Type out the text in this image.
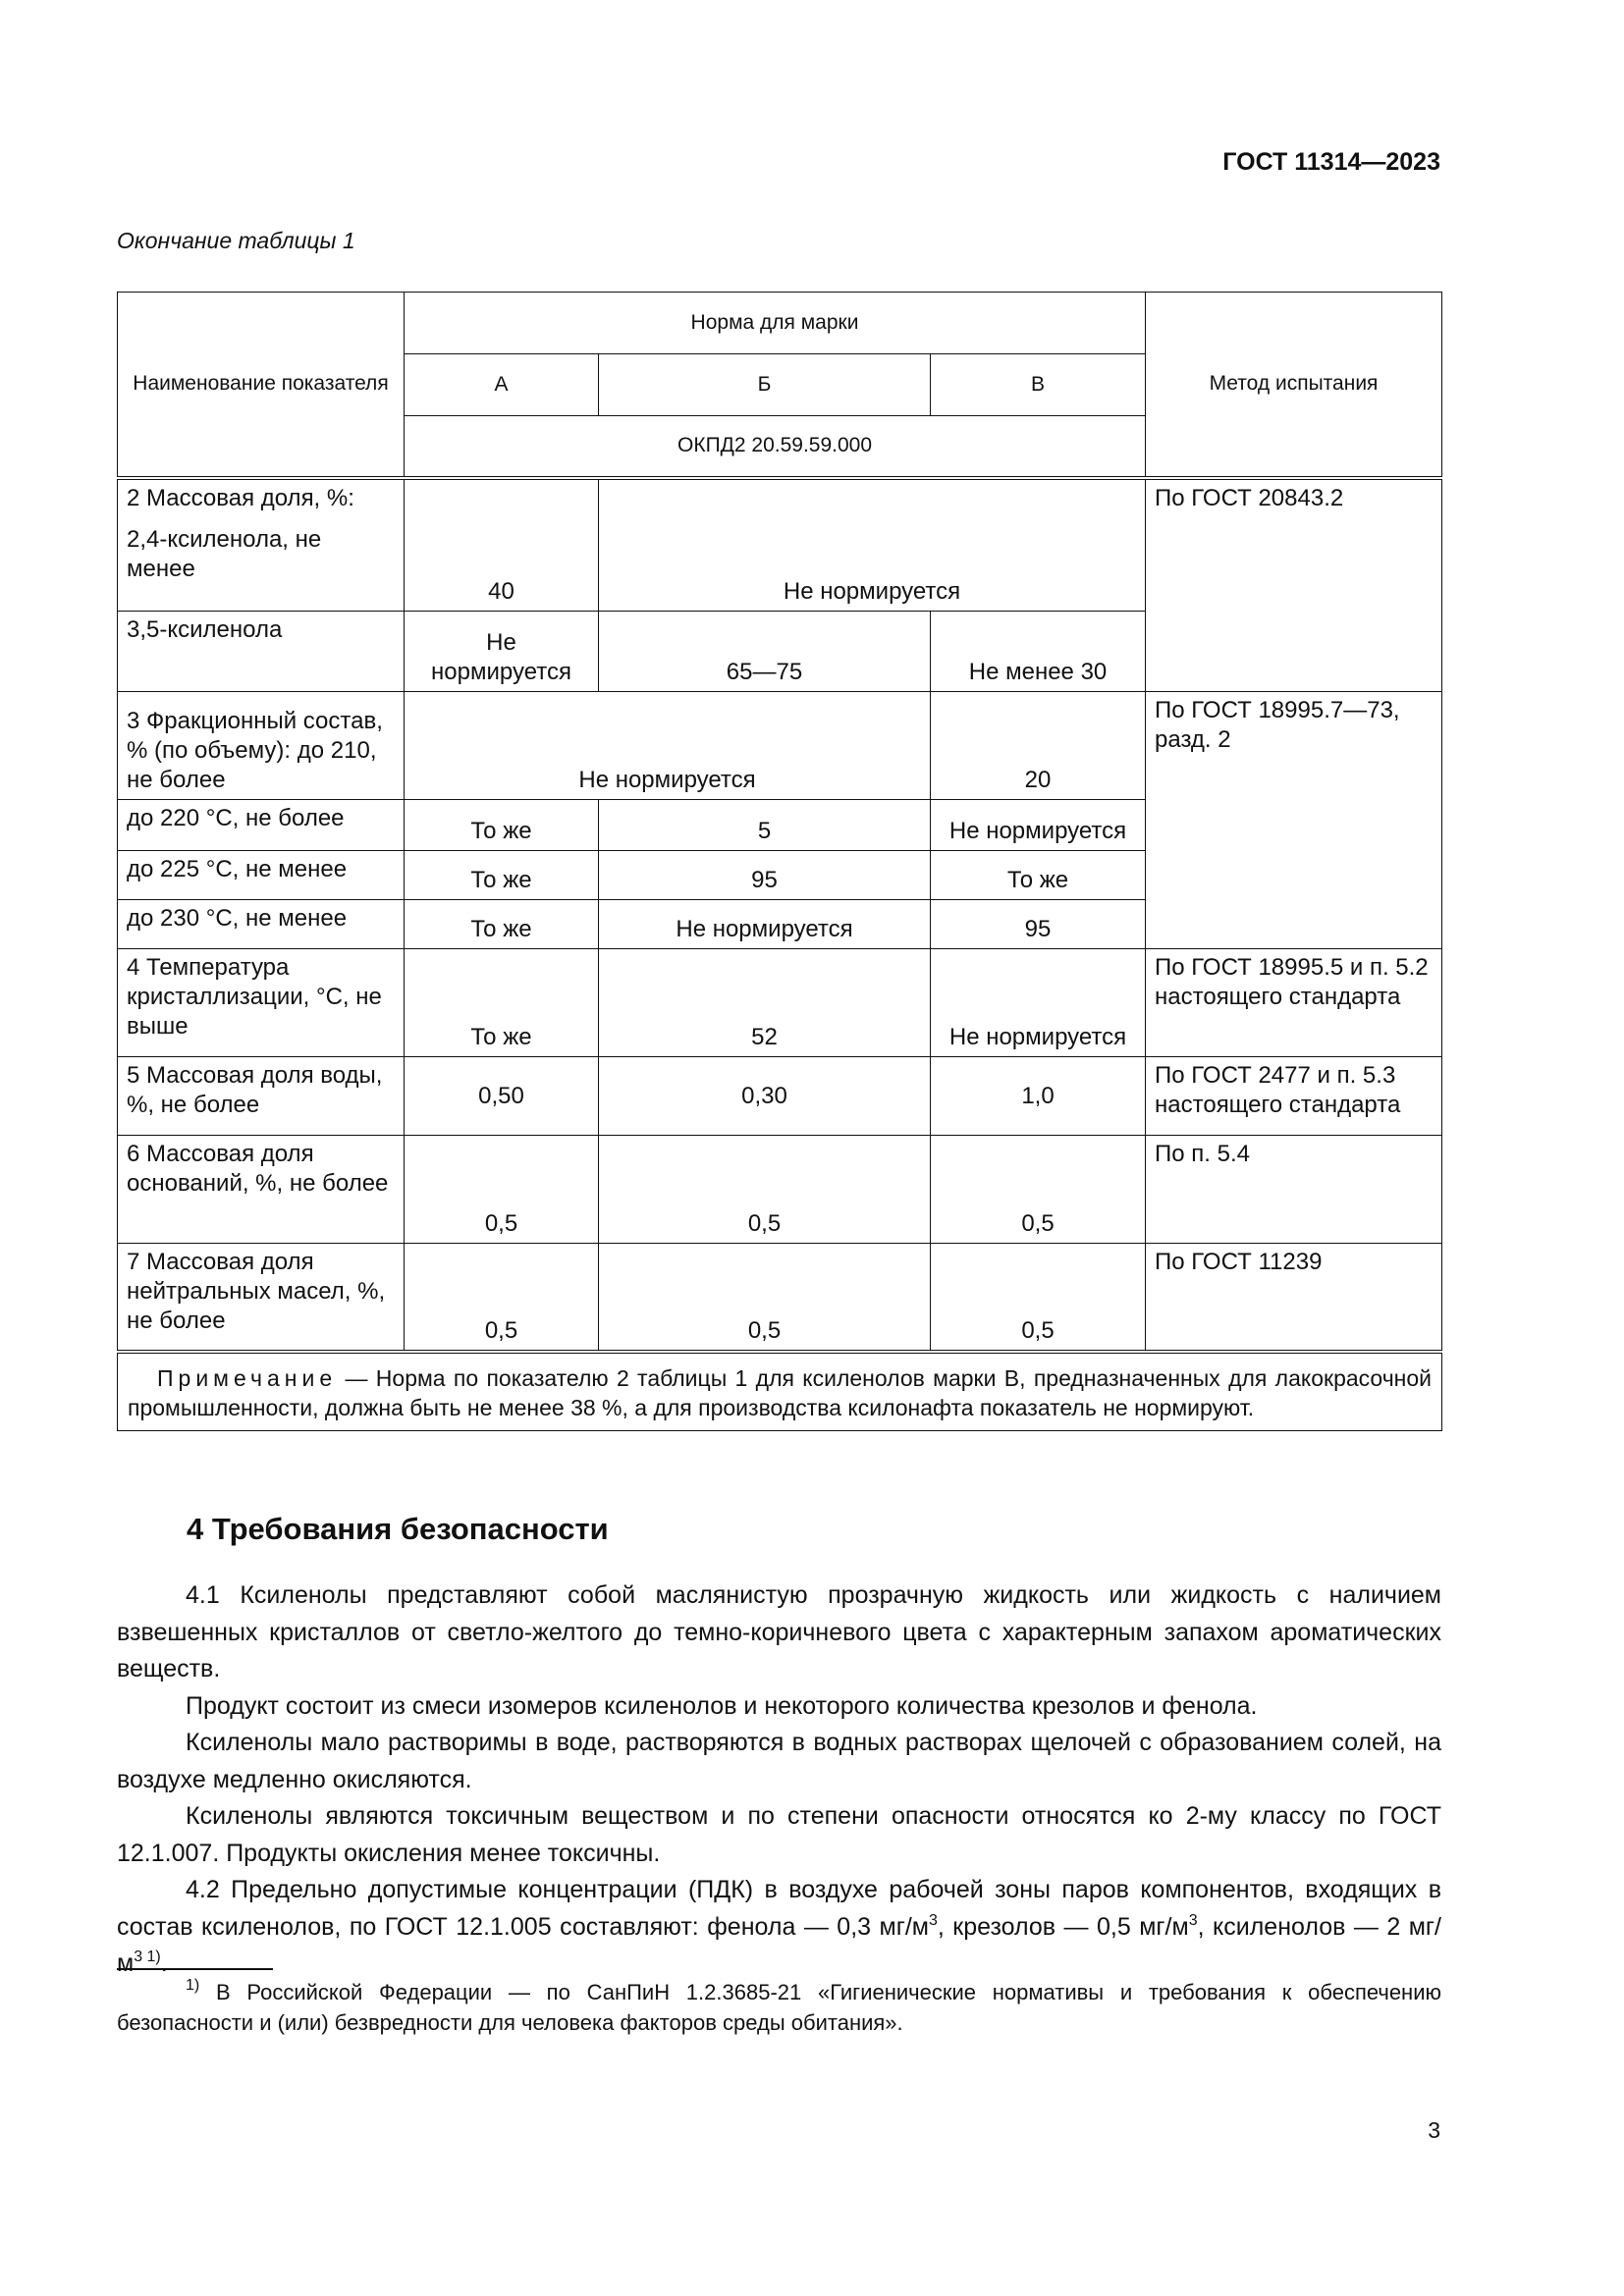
ГОСТ 11314—2023
Окончание таблицы 1
Наименование показателя	Норма для марки			Метод испытания
	А	Б	В	
	ОКПД2 20.59.59.000			

2 Массовая доля, %:
2,4-ксиленола, не менее	40	Не нормируется		По ГОСТ 20843.2
3,5-ксиленола	Не нормируется	65—75	Не менее 30	
3 Фракционный состав, % (по объему): до 210, не более	Не нормируется		20	По ГОСТ 18995.7—73, разд. 2
до 220 °С, не более	То же	5	Не нормируется	
до 225 °С, не менее	То же	95	То же	
до 230 °С, не менее	То же	Не нормируется	95	
4 Температура кристаллизации, °С, не выше	То же	52	Не нормируется	По ГОСТ 18995.5 и п. 5.2 настоящего стандарта
5 Массовая доля воды, %, не более	0,50	0,30	1,0	По ГОСТ 2477 и п. 5.3 настоящего стандарта
6 Массовая доля оснований, %, не более	0,5	0,5	0,5	По п. 5.4
7 Массовая доля нейтральных масел, %, не более	0,5	0,5	0,5	По ГОСТ 11239
Примечание — Норма по показателю 2 таблицы 1 для ксиленолов марки В, предназначенных для лакокрасочной промышленности, должна быть не менее 38 %, а для производства ксилонафта показатель не нормируют.				
4 Требования безопасности

4.1 Ксиленолы представляют собой маслянистую прозрачную жидкость или жидкость с наличием взвешенных кристаллов от светло-желтого до темно-коричневого цвета с характерным запахом ароматических веществ.

Продукт состоит из смеси изомеров ксиленолов и некоторого количества крезолов и фенола.

Ксиленолы мало растворимы в воде, растворяются в водных растворах щелочей с образованием солей, на воздухе медленно окисляются.

Ксиленолы являются токсичным веществом и по степени опасности относятся ко 2-му классу по ГОСТ 12.1.007. Продукты окисления менее токсичны.

4.2 Предельно допустимые концентрации (ПДК) в воздухе рабочей зоны паров компонентов, входящих в состав ксиленолов, по ГОСТ 12.1.005 составляют: фенола — 0,3 $мг/м^3$, крезолов — 0,5 $мг/м^3$, ксиленолов — 2 $мг/м^{3 1)}$.

$^{1)}$ В Российской Федерации — по СанПиН 1.2.3685-21 «Гигиенические нормативы и требования к обеспечению безопасности и (или) безвредности для человека факторов среды обитания».
3
